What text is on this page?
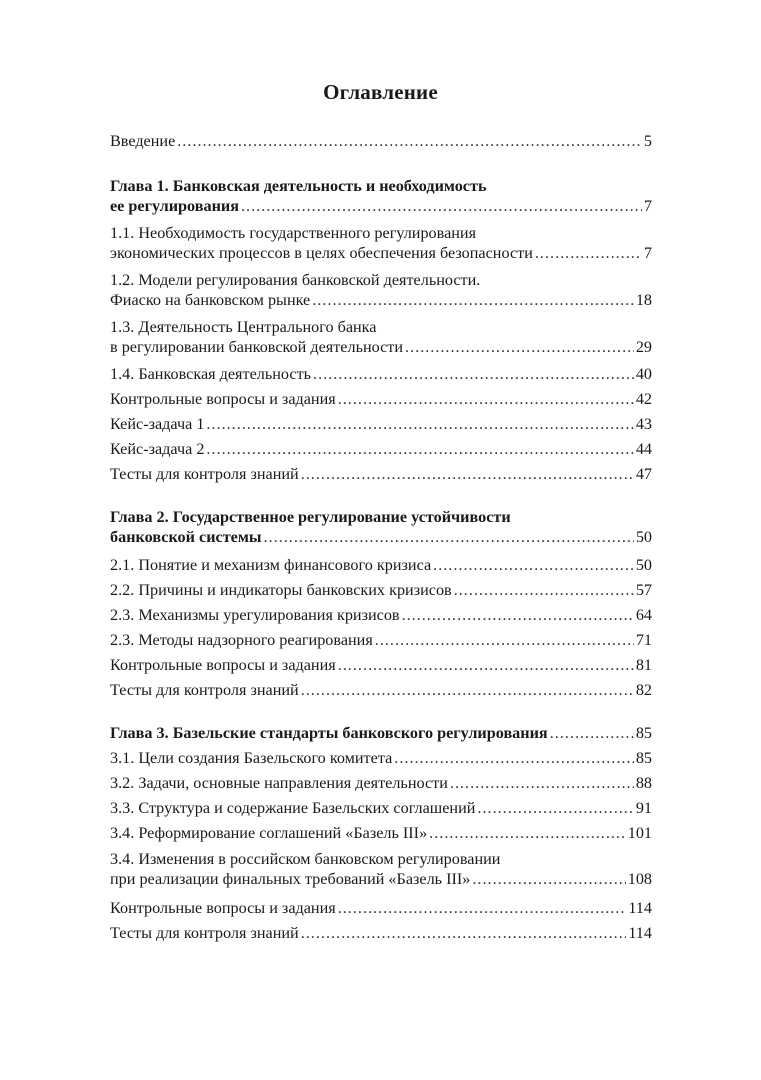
Оглавление
Введение .....	5
Глава 1. Банковская деятельность и необходимость
ее регулирования .....	7
1.1. Необходимость государственного регулирования
экономических процессов в целях обеспечения безопасности .....	7
1.2. Модели регулирования банковской деятельности.
Фиаско на банковском рынке .....	18
1.3. Деятельность Центрального банка
в регулировании банковской деятельности .....	29
1.4. Банковская деятельность .....	40
Контрольные вопросы и задания .....	42
Кейс-задача 1 .....	43
Кейс-задача 2 .....	44
Тесты для контроля знаний .....	47
Глава 2. Государственное регулирование устойчивости
банковской системы .....	50
2.1. Понятие и механизм финансового кризиса .....	50
2.2. Причины и индикаторы банковских кризисов .....	57
2.3. Механизмы урегулирования кризисов .....	64
2.3. Методы надзорного реагирования .....	71
Контрольные вопросы и задания .....	81
Тесты для контроля знаний .....	82
Глава 3. Базельские стандарты банковского регулирования .....	85
3.1. Цели создания Базельского комитета .....	85
3.2. Задачи, основные направления деятельности .....	88
3.3. Структура и содержание Базельских соглашений .....	91
3.4. Реформирование соглашений «Базель III» .....	101
3.4. Изменения в российском банковском регулировании
при реализации финальных требований «Базель III» .....	108
Контрольные вопросы и задания .....	114
Тесты для контроля знаний .....	114
